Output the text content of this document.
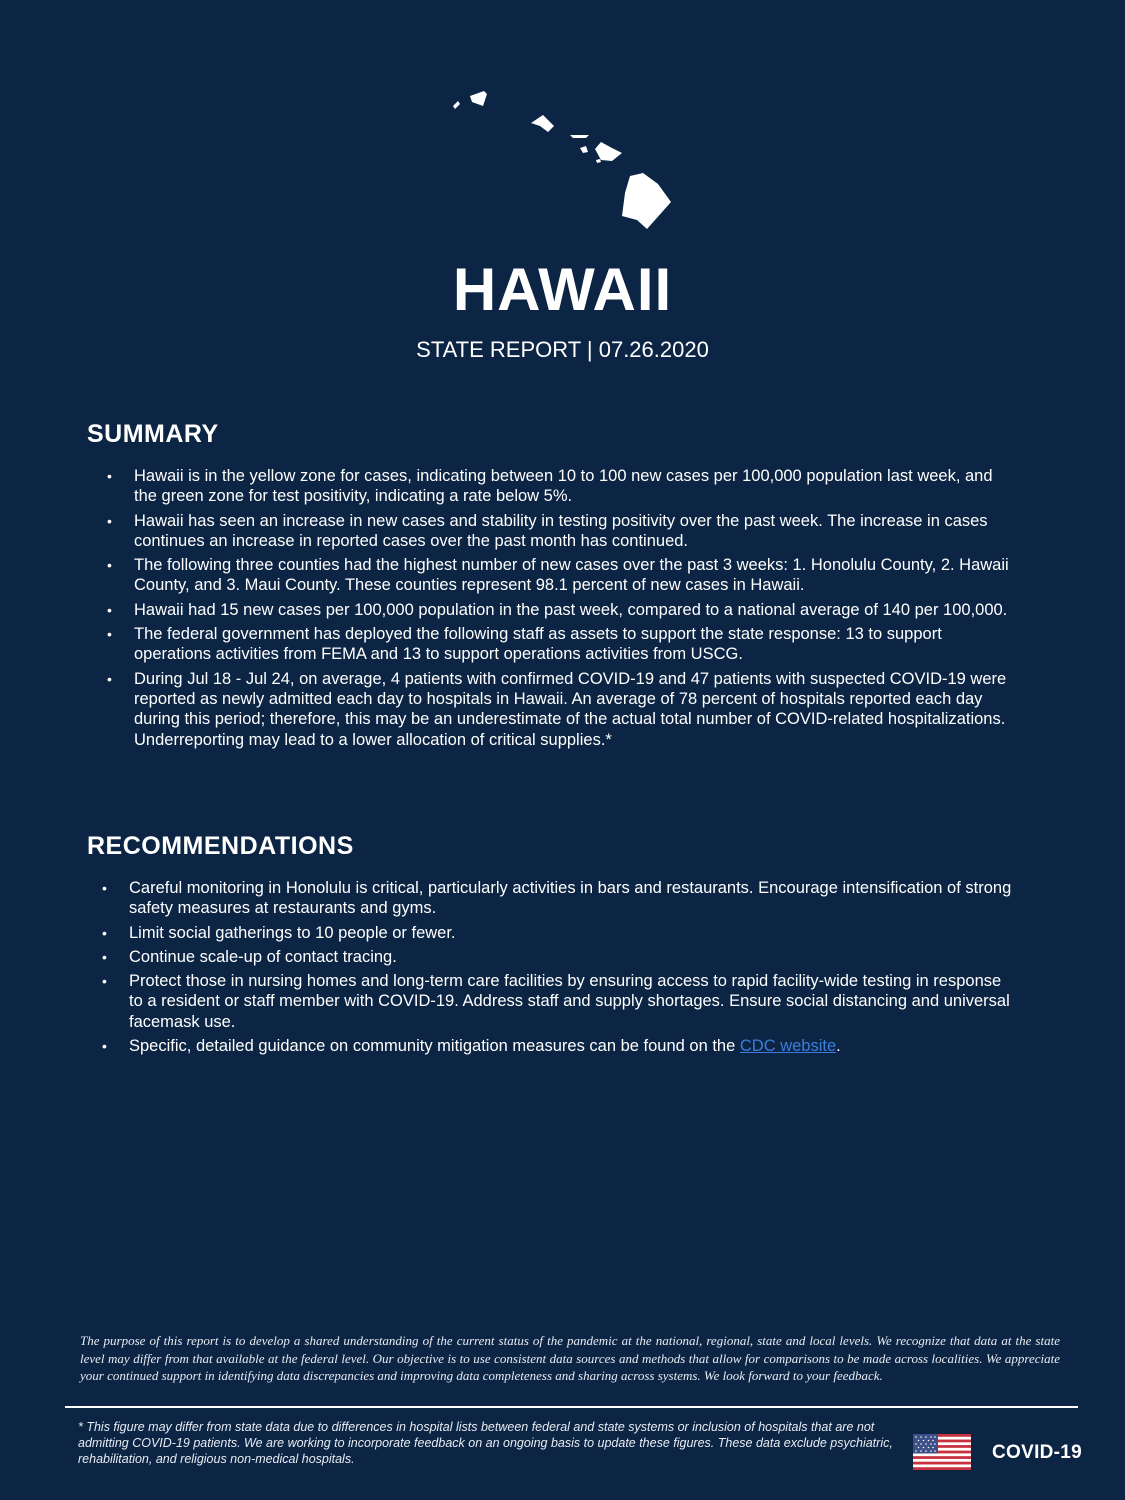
HAWAII
STATE REPORT | 07.26.2020
SUMMARY
• Hawaii is in the yellow zone for cases, indicating between 10 to 100 new cases per 100,000 population last week, and the green zone for test positivity, indicating a rate below 5%.
• Hawaii has seen an increase in new cases and stability in testing positivity over the past week. The increase in cases continues an increase in reported cases over the past month has continued.
• The following three counties had the highest number of new cases over the past 3 weeks: 1. Honolulu County, 2. Hawaii County, and 3. Maui County. These counties represent 98.1 percent of new cases in Hawaii.
• Hawaii had 15 new cases per 100,000 population in the past week, compared to a national average of 140 per 100,000.
• The federal government has deployed the following staff as assets to support the state response: 13 to support operations activities from FEMA and 13 to support operations activities from USCG.
• During Jul 18 - Jul 24, on average, 4 patients with confirmed COVID-19 and 47 patients with suspected COVID-19 were reported as newly admitted each day to hospitals in Hawaii. An average of 78 percent of hospitals reported each day during this period; therefore, this may be an underestimate of the actual total number of COVID-related hospitalizations. Underreporting may lead to a lower allocation of critical supplies.*
RECOMMENDATIONS
• Careful monitoring in Honolulu is critical, particularly activities in bars and restaurants. Encourage intensification of strong safety measures at restaurants and gyms.
• Limit social gatherings to 10 people or fewer.
• Continue scale-up of contact tracing.
• Protect those in nursing homes and long-term care facilities by ensuring access to rapid facility-wide testing in response to a resident or staff member with COVID-19. Address staff and supply shortages. Ensure social distancing and universal facemask use.
• Specific, detailed guidance on community mitigation measures can be found on the CDC website.
The purpose of this report is to develop a shared understanding of the current status of the pandemic at the national, regional, state and local levels. We recognize that data at the state level may differ from that available at the federal level. Our objective is to use consistent data sources and methods that allow for comparisons to be made across localities. We appreciate your continued support in identifying data discrepancies and improving data completeness and sharing across systems. We look forward to your feedback.
* This figure may differ from state data due to differences in hospital lists between federal and state systems or inclusion of hospitals that are not admitting COVID-19 patients. We are working to incorporate feedback on an ongoing basis to update these figures. These data exclude psychiatric, rehabilitation, and religious non-medical hospitals.	COVID-19
